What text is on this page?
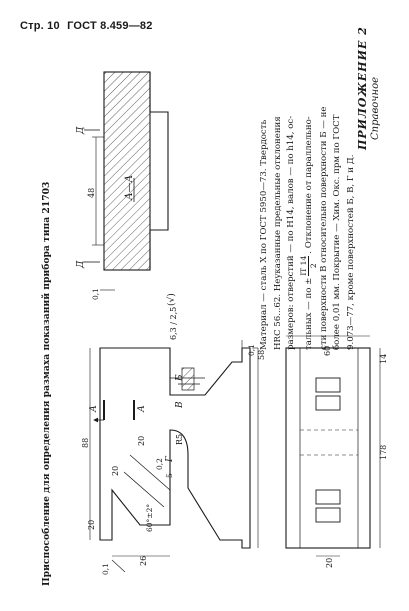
Стр. 10 ГОСТ 8.459—82
ПРИЛОЖЕНИЕ 2 Справочное
Приспособление для определения размаха показаний прибора типа 21703	Материал — сталь Х по ГОСТ 5950—73. Твердость HRC 56...62. Неуказанные предельные отклонения размеров: отверстий — по Н14, валов — по h14, ос- тальных — по ±
IT 14 2
. Отклонение от параллельно- сти поверхности В относительно поверхности Б — не более 0,01 мм. Покрытие — Хим. Окс. прм по ГОСТ 9.073—77, кроме поверхностей Б, В, Г и Д.
48
Д
Д
А—А
0,1
58
88
20
20
20
26
0,1
60°±2°
R5
5
0,2
Б
В
Г
А	А
6,3 / 2,5
(√)
0,1	60
178
14
20
